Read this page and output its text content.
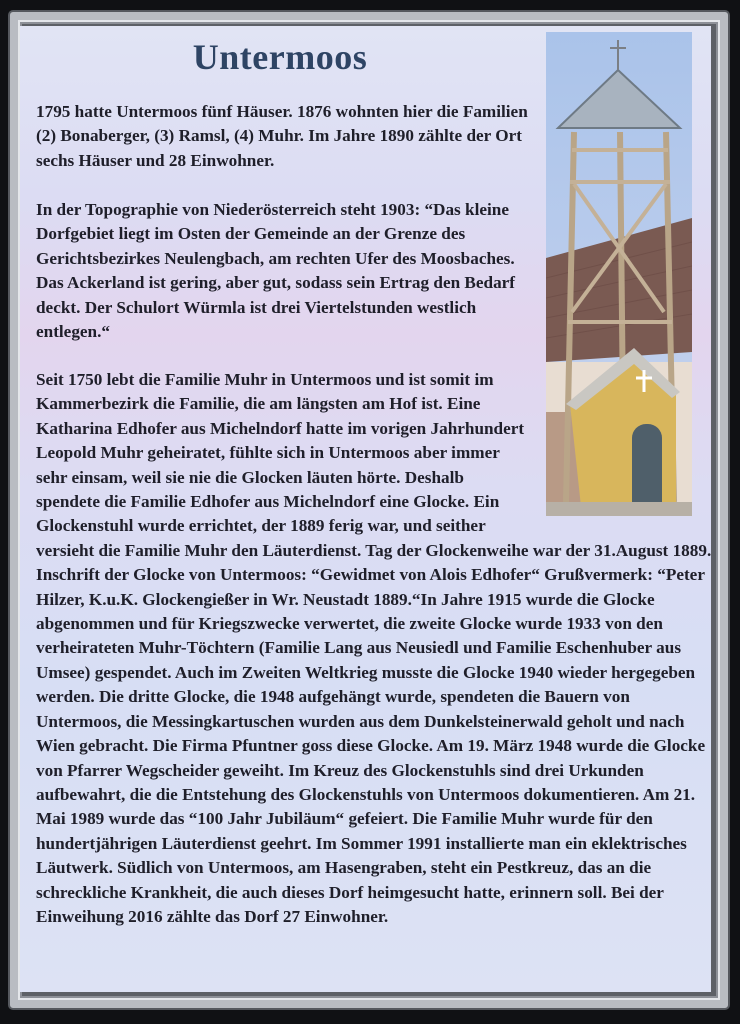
Untermoos

1795 hatte Untermoos fünf Häuser. 1876 wohnten hier die Familien (2) Bonaberger, (3) Ramsl, (4) Muhr. Im Jahre 1890 zählte der Ort sechs Häuser und 28 Einwohner.

In der Topographie von Niederösterreich steht 1903: “Das kleine Dorfgebiet liegt im Osten der Gemeinde an der Grenze des Gerichtsbezirkes Neulengbach, am rechten Ufer des Moosbaches. Das Ackerland ist gering, aber gut, sodass sein Ertrag den Bedarf deckt. Der Schulort Würmla ist drei Viertelstunden westlich entlegen.“

Seit 1750 lebt die Familie Muhr in Untermoos und ist somit im Kammerbezirk die Familie, die am längsten am Hof ist. Eine Katharina Edhofer aus Michelndorf hatte im vorigen Jahrhundert Leopold Muhr geheiratet, fühlte sich in Untermoos aber immer sehr einsam, weil sie nie die Glocken läuten hörte. Deshalb spendete die Familie Edhofer aus Michelndorf eine Glocke. Ein Glockenstuhl wurde errichtet, der 1889 ferig war, und seither versieht die Familie Muhr den Läuterdienst. Tag der Glockenweihe war der 31.August 1889. Inschrift der Glocke von Untermoos: “Gewidmet von Alois Edhofer“ Grußvermerk: “Peter Hilzer, K.u.K. Glockengießer in Wr. Neustadt 1889.“In Jahre 1915 wurde die Glocke abgenommen und für Kriegszwecke verwertet, die zweite Glocke wurde 1933 von den verheirateten Muhr-Töchtern (Familie Lang aus Neusiedl und Familie Eschenhuber aus Umsee) gespendet. Auch im Zweiten Weltkrieg musste die Glocke 1940 wieder hergegeben werden. Die dritte Glocke, die 1948 aufgehängt wurde, spendeten die Bauern von Untermoos, die Messingkartuschen wurden aus dem Dunkelsteinerwald geholt und nach Wien gebracht. Die Firma Pfuntner goss diese Glocke. Am 19. März 1948 wurde die Glocke von Pfarrer Wegscheider geweiht. Im Kreuz des Glockenstuhls sind drei Urkunden aufbewahrt, die die Entstehung des Glockenstuhls von Untermoos dokumentieren. Am 21. Mai 1989 wurde das “100 Jahr Jubiläum“ gefeiert. Die Familie Muhr wurde für den hundertjährigen Läuterdienst geehrt. Im Sommer 1991 installierte man ein eklektrisches Läutwerk. Südlich von Untermoos, am Hasengraben, steht ein Pestkreuz, das an die schreckliche Krankheit, die auch dieses Dorf heimgesucht hatte, erinnern soll. Bei der Einweihung 2016 zählte das Dorf 27 Einwohner.
